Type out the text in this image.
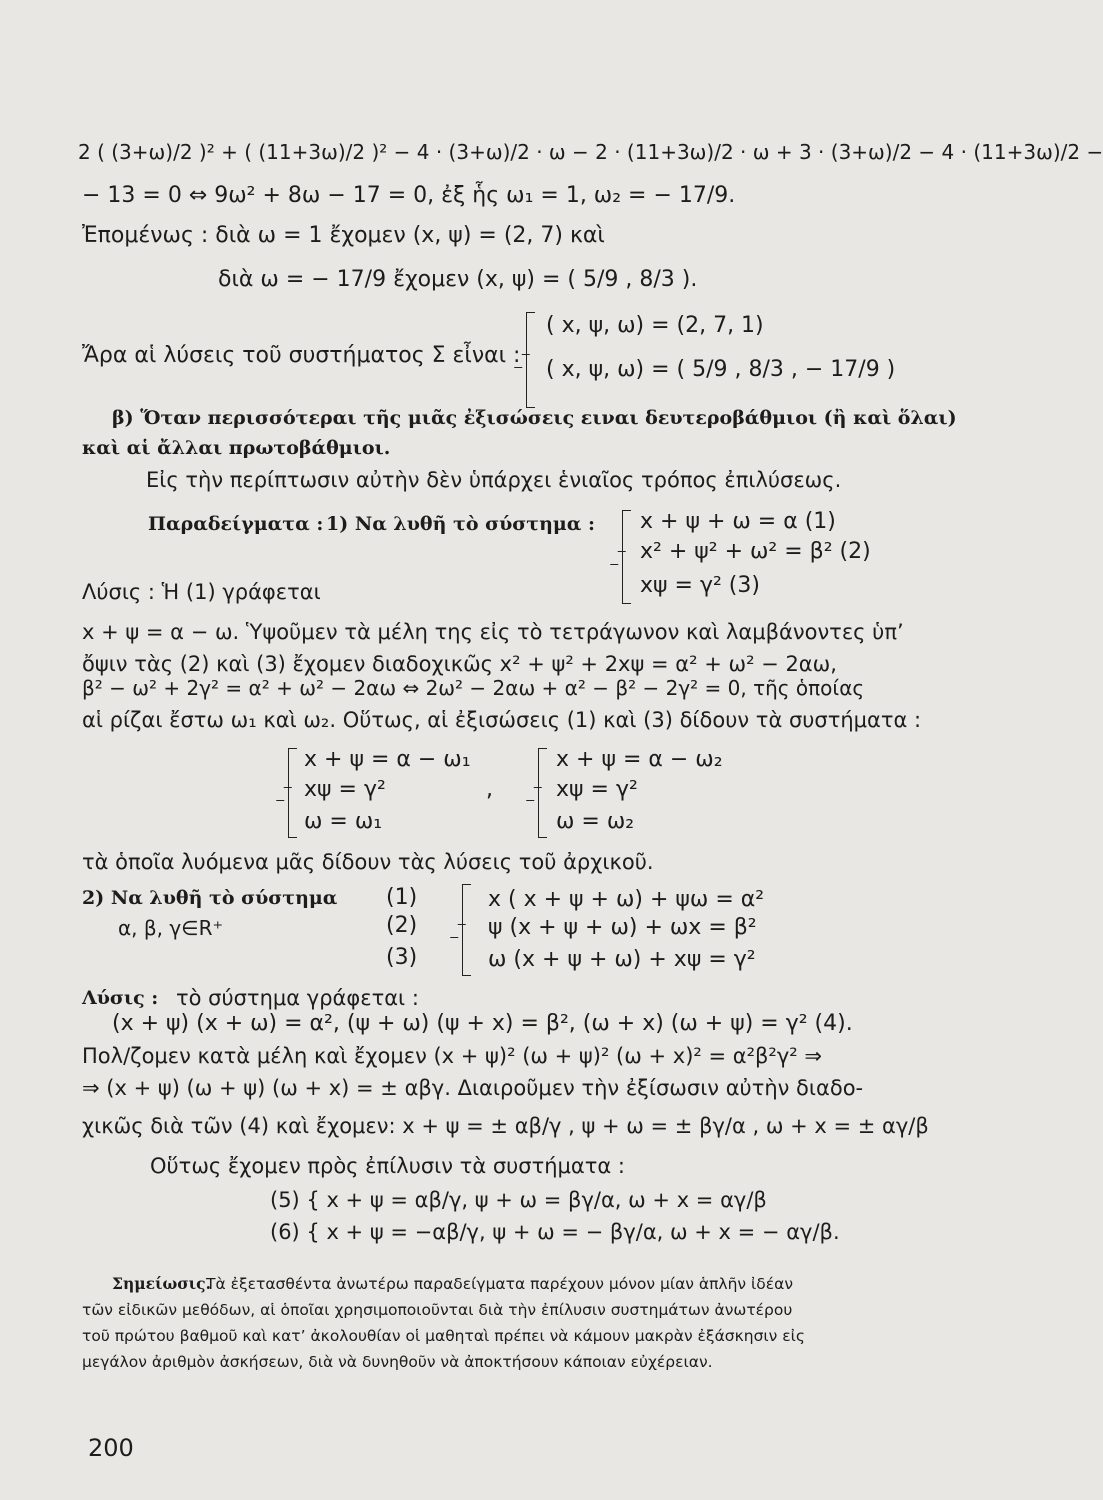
2 ( (3+ω)/2 )² + ( (11+3ω)/2 )² − 4 · (3+ω)/2 · ω − 2 · (11+3ω)/2 · ω + 3 · (3+ω)/2 − 4 · (11+3ω)/2 −
− 13 = 0 ⇔ 9ω² + 8ω − 17 = 0, ἐξ ἧς ω₁ = 1, ω₂ = − 17/9.
Ἐπομένως : διὰ ω = 1 ἔχομεν (x, ψ) = (2, 7) καὶ
διὰ ω = − 17/9 ἔχομεν (x, ψ) = ( 5/9 , 8/3 ).
Ἄρα αἱ λύσεις τοῦ συστήματος Σ εἶναι :
( x, ψ, ω) = (2, 7, 1)
( x, ψ, ω) = ( 5/9 , 8/3 , − 17/9 )
β) Ὅταν περισσότεραι τῆς μιᾶς ἐξισώσεις ειναι δευτεροβάθμιοι (ἢ καὶ ὅλαι)
καὶ αἱ ἄλλαι πρωτοβάθμιοι.
Εἰς τὴν περίπτωσιν αὐτὴν δὲν ὑπάρχει ἑνιαῖος τρόπος ἐπιλύσεως.
Παραδείγματα : 1) Να λυθῆ τὸ σύστημα : x + ψ + ω = α (1)
x² + ψ² + ω² = β² (2)
xψ = γ² (3)
Λύσις : Ἡ (1) γράφεται
x + ψ = α − ω. Ὑψοῦμεν τὰ μέλη της εἰς τὸ τετράγωνον καὶ λαμβάνοντες ὑπ’
ὄψιν τὰς (2) καὶ (3) ἔχομεν διαδοχικῶς x² + ψ² + 2xψ = α² + ω² − 2αω,
β² − ω² + 2γ² = α² + ω² − 2αω ⇔ 2ω² − 2αω + α² − β² − 2γ² = 0, τῆς ὁποίας
αἱ ρίζαι ἔστω ω₁ καὶ ω₂. Οὕτως, αἱ ἐξισώσεις (1) καὶ (3) δίδουν τὰ συστήματα :
x + ψ = α − ω₁
xψ = γ²
ω = ω₁
,
x + ψ = α − ω₂
xψ = γ²
ω = ω₂
τὰ ὁποῖα λυόμενα μᾶς δίδουν τὰς λύσεις τοῦ ἀρχικοῦ.
2) Να λυθῆ τὸ σύστημα
α, β, γ∈R⁺
(1)
(2)
(3)
x ( x + ψ + ω) + ψω = α²
ψ (x + ψ + ω) + ωx = β²
ω (x + ψ + ω) + xψ = γ²
Λύσις : τὸ σύστημα γράφεται :
(x + ψ) (x + ω) = α², (ψ + ω) (ψ + x) = β², (ω + x) (ω + ψ) = γ² (4).
Πολ/ζομεν κατὰ μέλη καὶ ἔχομεν (x + ψ)² (ω + ψ)² (ω + x)² = α²β²γ² ⇒
⇒ (x + ψ) (ω + ψ) (ω + x) = ± αβγ. Διαιροῦμεν τὴν ἐξίσωσιν αὐτὴν διαδο-
χικῶς διὰ τῶν (4) καὶ ἔχομεν: x + ψ = ± αβ/γ , ψ + ω = ± βγ/α , ω + x = ± αγ/β
Οὕτως ἔχομεν πρὸς ἐπίλυσιν τὰ συστήματα :
(5) { x + ψ = αβ/γ, ψ + ω = βγ/α, ω + x = αγ/β
(6) { x + ψ = −αβ/γ, ψ + ω = − βγ/α, ω + x = − αγ/β.
Σημείωσις.
Τὰ ἐξετασθέντα ἀνωτέρω παραδείγματα παρέχουν μόνον μίαν ἁπλῆν ἰδέαν
τῶν εἰδικῶν μεθόδων, αἱ ὁποῖαι χρησιμοποιοῦνται διὰ τὴν ἐπίλυσιν συστημάτων ἀνωτέρου
τοῦ πρώτου βαθμοῦ καὶ κατ’ ἀκολουθίαν οἱ μαθηταὶ πρέπει νὰ κάμουν μακρὰν ἐξάσκησιν εἰς
μεγάλον ἀριθμὸν ἀσκήσεων, διὰ νὰ δυνηθοῦν νὰ ἀποκτήσουν κάποιαν εὐχέρειαν.
200
